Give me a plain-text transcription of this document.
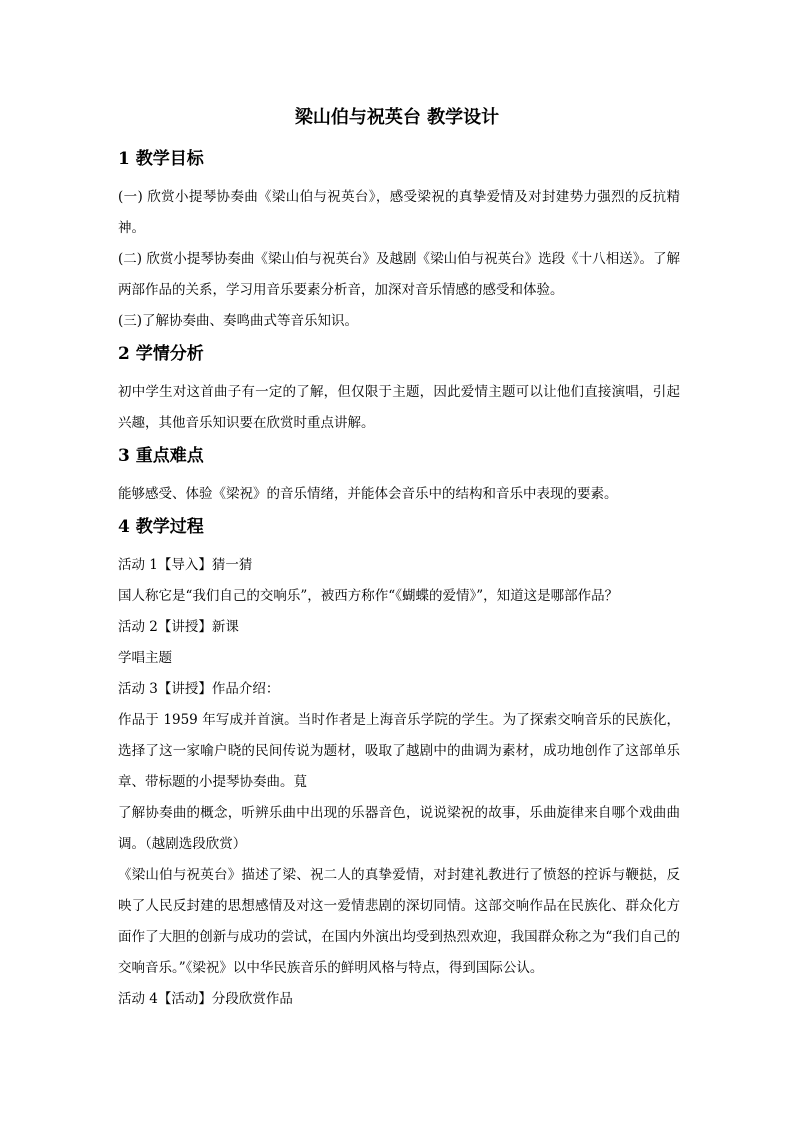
梁山伯与祝英台 教学设计
1 教学目标

(一) 欣赏小提琴协奏曲《梁山伯与祝英台》，感受梁祝的真挚爱情及对封建势力强烈的反抗精神。

(二) 欣赏小提琴协奏曲《梁山伯与祝英台》及越剧《梁山伯与祝英台》选段《十八相送》。了解两部作品的关系，学习用音乐要素分析音，加深对音乐情感的感受和体验。

(三)了解协奏曲、奏鸣曲式等音乐知识。

2 学情分析

初中学生对这首曲子有一定的了解，但仅限于主题，因此爱情主题可以让他们直接演唱，引起兴趣，其他音乐知识要在欣赏时重点讲解。

3 重点难点

能够感受、体验《梁祝》的音乐情绪，并能体会音乐中的结构和音乐中表现的要素。

4 教学过程

活动 1【导入】猜一猜

国人称它是“我们自己的交响乐”，被西方称作“《蝴蝶的爱情》”，知道这是哪部作品？

活动 2【讲授】新课

学唱主题

活动 3【讲授】作品介绍：

作品于 1959 年写成并首演。当时作者是上海音乐学院的学生。为了探索交响音乐的民族化，选择了这一家喻户晓的民间传说为题材，吸取了越剧中的曲调为素材，成功地创作了这部单乐章、带标题的小提琴协奏曲。萈

了解协奏曲的概念，听辨乐曲中出现的乐器音色，说说梁祝的故事，乐曲旋律来自哪个戏曲曲调。（越剧选段欣赏）

《梁山伯与祝英台》描述了梁、祝二人的真挚爱情，对封建礼教进行了愤怒的控诉与鞭挞，反映了人民反封建的思想感情及对这一爱情悲剧的深切同情。这部交响作品在民族化、群众化方面作了大胆的创新与成功的尝试，在国内外演出均受到热烈欢迎，我国群众称之为“我们自己的交响音乐。”《梁祝》以中华民族音乐的鲜明风格与特点，得到国际公认。

活动 4【活动】分段欣赏作品
